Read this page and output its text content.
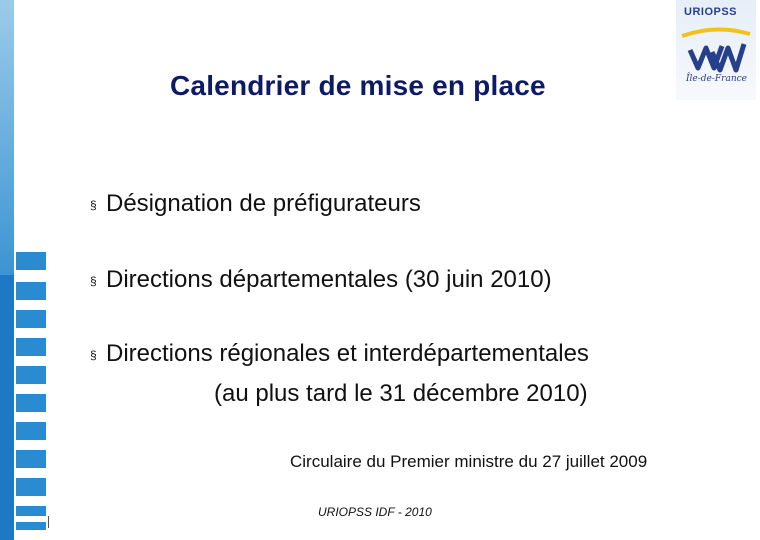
URIOPSS
Île-de-France
Calendrier de mise en place
§ Désignation de préfigurateurs
§ Directions départementales (30 juin 2010)
§ Directions régionales et interdépartementales
(au plus tard le 31 décembre 2010)
Circulaire du Premier ministre du 27 juillet 2009
URIOPSS IDF - 2010
